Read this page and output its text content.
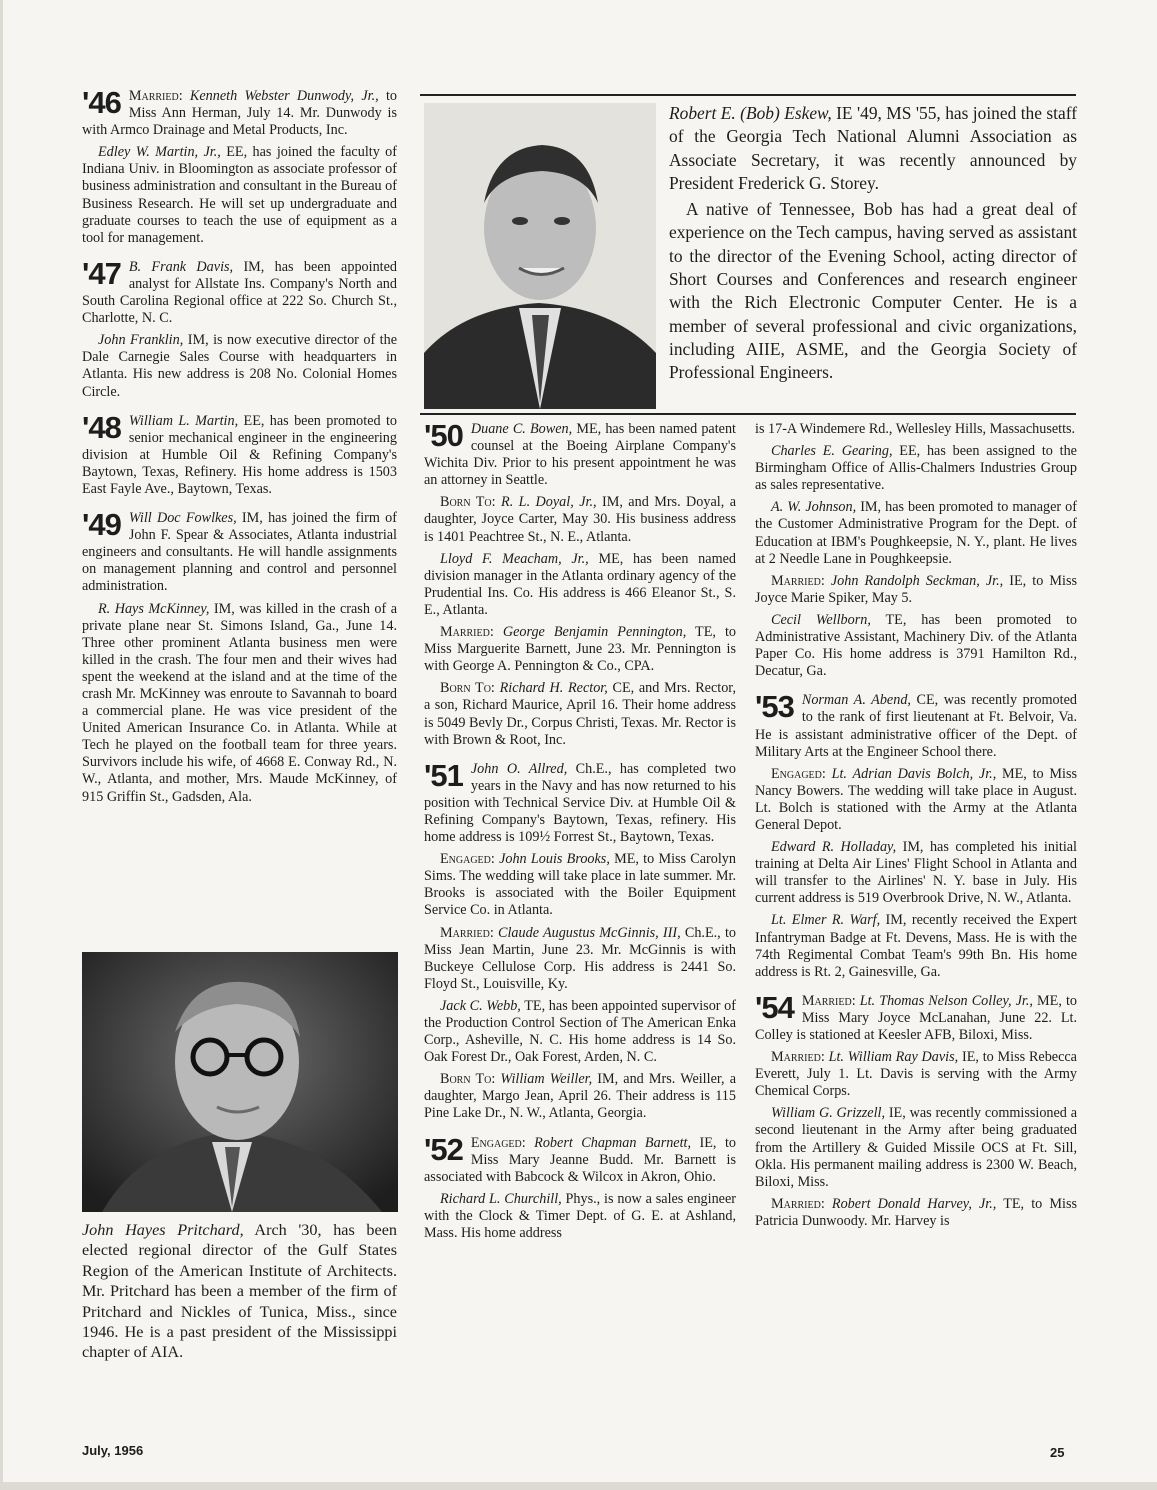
'46 Married: Kenneth Webster Dunwody, Jr., to Miss Ann Herman, July 14. Mr. Dunwody is with Armco Drainage and Metal Products, Inc.

Edley W. Martin, Jr., EE, has joined the faculty of Indiana Univ. in Bloomington as associate professor of business administration and consultant in the Bureau of Business Research. He will set up undergraduate and graduate courses to teach the use of equipment as a tool for management.

'47 B. Frank Davis, IM, has been appointed analyst for Allstate Ins. Company's North and South Carolina Regional office at 222 So. Church St., Charlotte, N. C.

John Franklin, IM, is now executive director of the Dale Carnegie Sales Course with headquarters in Atlanta. His new address is 208 No. Colonial Homes Circle.

'48 William L. Martin, EE, has been promoted to senior mechanical engineer in the engineering division at Humble Oil & Refining Company's Baytown, Texas, Refinery. His home address is 1503 East Fayle Ave., Baytown, Texas.

'49 Will Doc Fowlkes, IM, has joined the firm of John F. Spear & Associates, Atlanta industrial engineers and consultants. He will handle assignments on management planning and control and personnel administration.

R. Hays McKinney, IM, was killed in the crash of a private plane near St. Simons Island, Ga., June 14. Three other prominent Atlanta business men were killed in the crash. The four men and their wives had spent the weekend at the island and at the time of the crash Mr. McKinney was enroute to Savannah to board a commercial plane. He was vice president of the United American Insurance Co. in Atlanta. While at Tech he played on the football team for three years. Survivors include his wife, of 4668 E. Conway Rd., N. W., Atlanta, and mother, Mrs. Maude McKinney, of 915 Griffin St., Gadsden, Ala.

John Hayes Pritchard, Arch '30, has been elected regional director of the Gulf States Region of the American Institute of Architects. Mr. Pritchard has been a member of the firm of Pritchard and Nickles of Tunica, Miss., since 1946. He is a past president of the Mississippi chapter of AIA.

Robert E. (Bob) Eskew, IE '49, MS '55, has joined the staff of the Georgia Tech National Alumni Association as Associate Secretary, it was recently announced by President Frederick G. Storey.

A native of Tennessee, Bob has had a great deal of experience on the Tech campus, having served as assistant to the director of the Evening School, acting director of Short Courses and Conferences and research engineer with the Rich Electronic Computer Center. He is a member of several professional and civic organizations, including AIIE, ASME, and the Georgia Society of Professional Engineers.

'50 Duane C. Bowen, ME, has been named patent counsel at the Boeing Airplane Company's Wichita Div. Prior to his present appointment he was an attorney in Seattle.

Born To: R. L. Doyal, Jr., IM, and Mrs. Doyal, a daughter, Joyce Carter, May 30. His business address is 1401 Peachtree St., N. E., Atlanta.

Lloyd F. Meacham, Jr., ME, has been named division manager in the Atlanta ordinary agency of the Prudential Ins. Co. His address is 466 Eleanor St., S. E., Atlanta.

Married: George Benjamin Pennington, TE, to Miss Marguerite Barnett, June 23. Mr. Pennington is with George A. Pennington & Co., CPA.

Born To: Richard H. Rector, CE, and Mrs. Rector, a son, Richard Maurice, April 16. Their home address is 5049 Bevly Dr., Corpus Christi, Texas. Mr. Rector is with Brown & Root, Inc.

'51 John O. Allred, Ch.E., has completed two years in the Navy and has now returned to his position with Technical Service Div. at Humble Oil & Refining Company's Baytown, Texas, refinery. His home address is 109½ Forrest St., Baytown, Texas.

Engaged: John Louis Brooks, ME, to Miss Carolyn Sims. The wedding will take place in late summer. Mr. Brooks is associated with the Boiler Equipment Service Co. in Atlanta.

Married: Claude Augustus McGinnis, III, Ch.E., to Miss Jean Martin, June 23. Mr. McGinnis is with Buckeye Cellulose Corp. His address is 2441 So. Floyd St., Louisville, Ky.

Jack C. Webb, TE, has been appointed supervisor of the Production Control Section of The American Enka Corp., Asheville, N. C. His home address is 14 So. Oak Forest Dr., Oak Forest, Arden, N. C.

Born To: William Weiller, IM, and Mrs. Weiller, a daughter, Margo Jean, April 26. Their address is 115 Pine Lake Dr., N. W., Atlanta, Georgia.

'52 Engaged: Robert Chapman Barnett, IE, to Miss Mary Jeanne Budd. Mr. Barnett is associated with Babcock & Wilcox in Akron, Ohio.

Richard L. Churchill, Phys., is now a sales engineer with the Clock & Timer Dept. of G. E. at Ashland, Mass. His home address

is 17-A Windemere Rd., Wellesley Hills, Massachusetts.

Charles E. Gearing, EE, has been assigned to the Birmingham Office of Allis-Chalmers Industries Group as sales representative.

A. W. Johnson, IM, has been promoted to manager of the Customer Administrative Program for the Dept. of Education at IBM's Poughkeepsie, N. Y., plant. He lives at 2 Needle Lane in Poughkeepsie.

Married: John Randolph Seckman, Jr., IE, to Miss Joyce Marie Spiker, May 5.

Cecil Wellborn, TE, has been promoted to Administrative Assistant, Machinery Div. of the Atlanta Paper Co. His home address is 3791 Hamilton Rd., Decatur, Ga.

'53 Norman A. Abend, CE, was recently promoted to the rank of first lieutenant at Ft. Belvoir, Va. He is assistant administrative officer of the Dept. of Military Arts at the Engineer School there.

Engaged: Lt. Adrian Davis Bolch, Jr., ME, to Miss Nancy Bowers. The wedding will take place in August. Lt. Bolch is stationed with the Army at the Atlanta General Depot.

Edward R. Holladay, IM, has completed his initial training at Delta Air Lines' Flight School in Atlanta and will transfer to the Airlines' N. Y. base in July. His current address is 519 Overbrook Drive, N. W., Atlanta.

Lt. Elmer R. Warf, IM, recently received the Expert Infantryman Badge at Ft. Devens, Mass. He is with the 74th Regimental Combat Team's 99th Bn. His home address is Rt. 2, Gainesville, Ga.

'54 Married: Lt. Thomas Nelson Colley, Jr., ME, to Miss Mary Joyce McLanahan, June 22. Lt. Colley is stationed at Keesler AFB, Biloxi, Miss.

Married: Lt. William Ray Davis, IE, to Miss Rebecca Everett, July 1. Lt. Davis is serving with the Army Chemical Corps.

William G. Grizzell, IE, was recently commissioned a second lieutenant in the Army after being graduated from the Artillery & Guided Missile OCS at Ft. Sill, Okla. His permanent mailing address is 2300 W. Beach, Biloxi, Miss.

Married: Robert Donald Harvey, Jr., TE, to Miss Patricia Dunwoody. Mr. Harvey is

July, 1956	25
